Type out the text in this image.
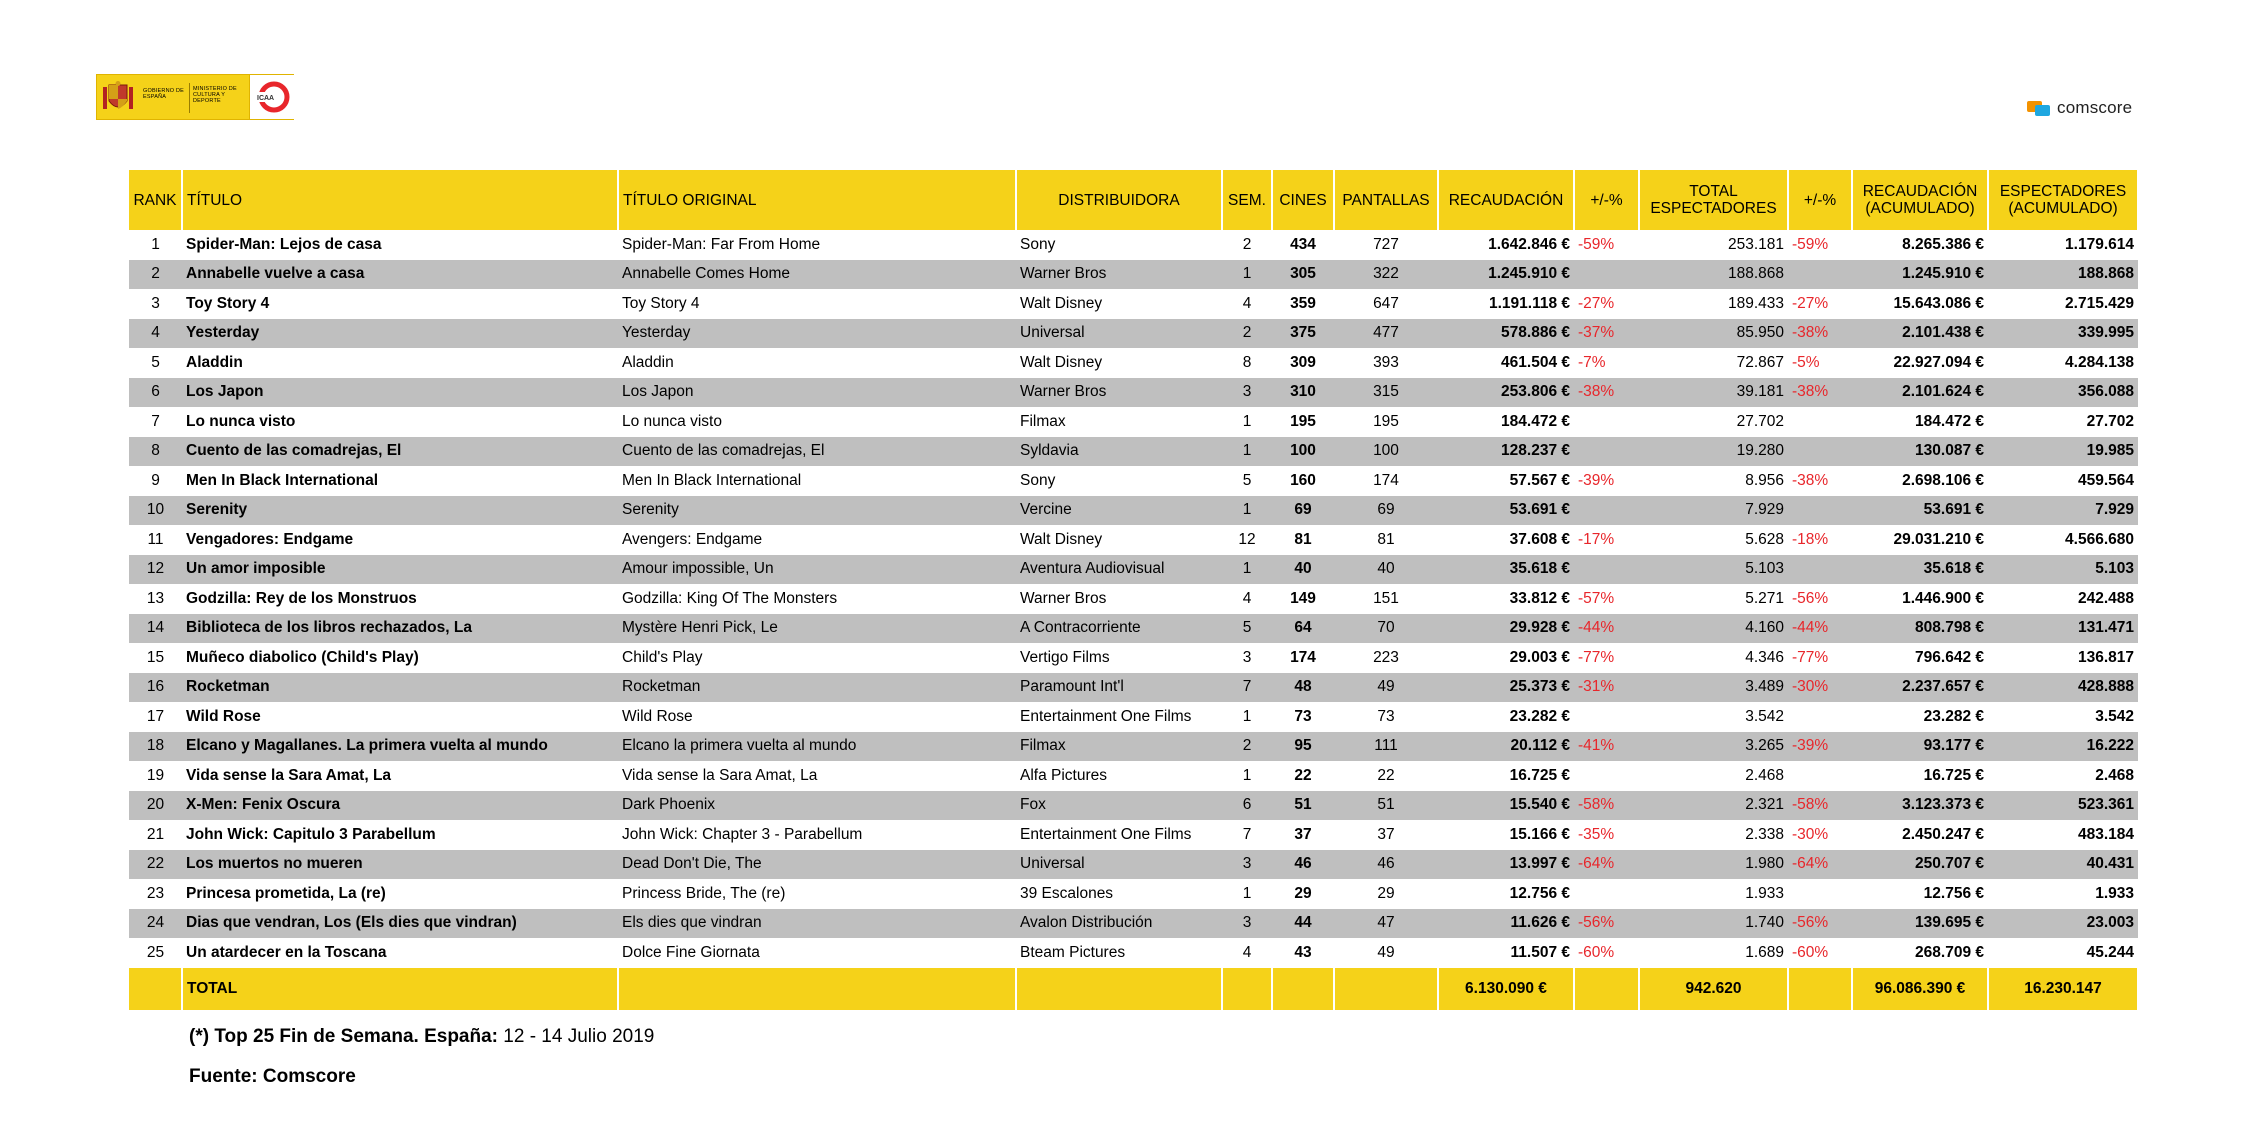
GOBIERNO DE ESPAÑA
MINISTERIO DE CULTURA Y DEPORTE	ICAA	comscore
RANK	TÍTULO	TÍTULO ORIGINAL	DISTRIBUIDORA	SEM.	CINES	PANTALLAS	RECAUDACIÓN	+/-%	TOTAL ESPECTADORES	+/-%	RECAUDACIÓN (ACUMULADO)	ESPECTADORES (ACUMULADO)
1	Spider-Man: Lejos de casa	Spider-Man: Far From Home	Sony	2	434	727	1.642.846 €	-59%	253.181	-59%	8.265.386 €	1.179.614
2	Annabelle vuelve a casa	Annabelle Comes Home	Warner Bros	1	305	322	1.245.910 €		188.868		1.245.910 €	188.868
3	Toy Story 4	Toy Story 4	Walt Disney	4	359	647	1.191.118 €	-27%	189.433	-27%	15.643.086 €	2.715.429
4	Yesterday	Yesterday	Universal	2	375	477	578.886 €	-37%	85.950	-38%	2.101.438 €	339.995
5	Aladdin	Aladdin	Walt Disney	8	309	393	461.504 €	-7%	72.867	-5%	22.927.094 €	4.284.138
6	Los Japon	Los Japon	Warner Bros	3	310	315	253.806 €	-38%	39.181	-38%	2.101.624 €	356.088
7	Lo nunca visto	Lo nunca visto	Filmax	1	195	195	184.472 €		27.702		184.472 €	27.702
8	Cuento de las comadrejas, El	Cuento de las comadrejas, El	Syldavia	1	100	100	128.237 €		19.280		130.087 €	19.985
9	Men In Black International	Men In Black International	Sony	5	160	174	57.567 €	-39%	8.956	-38%	2.698.106 €	459.564
10	Serenity	Serenity	Vercine	1	69	69	53.691 €		7.929		53.691 €	7.929
11	Vengadores: Endgame	Avengers: Endgame	Walt Disney	12	81	81	37.608 €	-17%	5.628	-18%	29.031.210 €	4.566.680
12	Un amor imposible	Amour impossible, Un	Aventura Audiovisual	1	40	40	35.618 €		5.103		35.618 €	5.103
13	Godzilla: Rey de los Monstruos	Godzilla: King Of The Monsters	Warner Bros	4	149	151	33.812 €	-57%	5.271	-56%	1.446.900 €	242.488
14	Biblioteca de los libros rechazados, La	Mystère Henri Pick, Le	A Contracorriente	5	64	70	29.928 €	-44%	4.160	-44%	808.798 €	131.471
15	Muñeco diabolico (Child's Play)	Child's Play	Vertigo Films	3	174	223	29.003 €	-77%	4.346	-77%	796.642 €	136.817
16	Rocketman	Rocketman	Paramount Int'l	7	48	49	25.373 €	-31%	3.489	-30%	2.237.657 €	428.888
17	Wild Rose	Wild Rose	Entertainment One Films	1	73	73	23.282 €		3.542		23.282 €	3.542
18	Elcano y Magallanes. La primera vuelta al mundo	Elcano la primera vuelta al mundo	Filmax	2	95	111	20.112 €	-41%	3.265	-39%	93.177 €	16.222
19	Vida sense la Sara Amat, La	Vida sense la Sara Amat, La	Alfa Pictures	1	22	22	16.725 €		2.468		16.725 €	2.468
20	X-Men: Fenix Oscura	Dark Phoenix	Fox	6	51	51	15.540 €	-58%	2.321	-58%	3.123.373 €	523.361
21	John Wick: Capitulo 3 Parabellum	John Wick: Chapter 3 - Parabellum	Entertainment One Films	7	37	37	15.166 €	-35%	2.338	-30%	2.450.247 €	483.184
22	Los muertos no mueren	Dead Don't Die, The	Universal	3	46	46	13.997 €	-64%	1.980	-64%	250.707 €	40.431
23	Princesa prometida, La (re)	Princess Bride, The (re)	39 Escalones	1	29	29	12.756 €		1.933		12.756 €	1.933
24	Dias que vendran, Los (Els dies que vindran)	Els dies que vindran	Avalon Distribución	3	44	47	11.626 €	-56%	1.740	-56%	139.695 €	23.003
25	Un atardecer en la Toscana	Dolce Fine Giornata	Bteam Pictures	4	43	49	11.507 €	-60%	1.689	-60%	268.709 €	45.244
	TOTAL						6.130.090 €		942.620		96.086.390 €	16.230.147
(*) Top 25 Fin de Semana. España: 12 - 14 Julio 2019
Fuente: Comscore
